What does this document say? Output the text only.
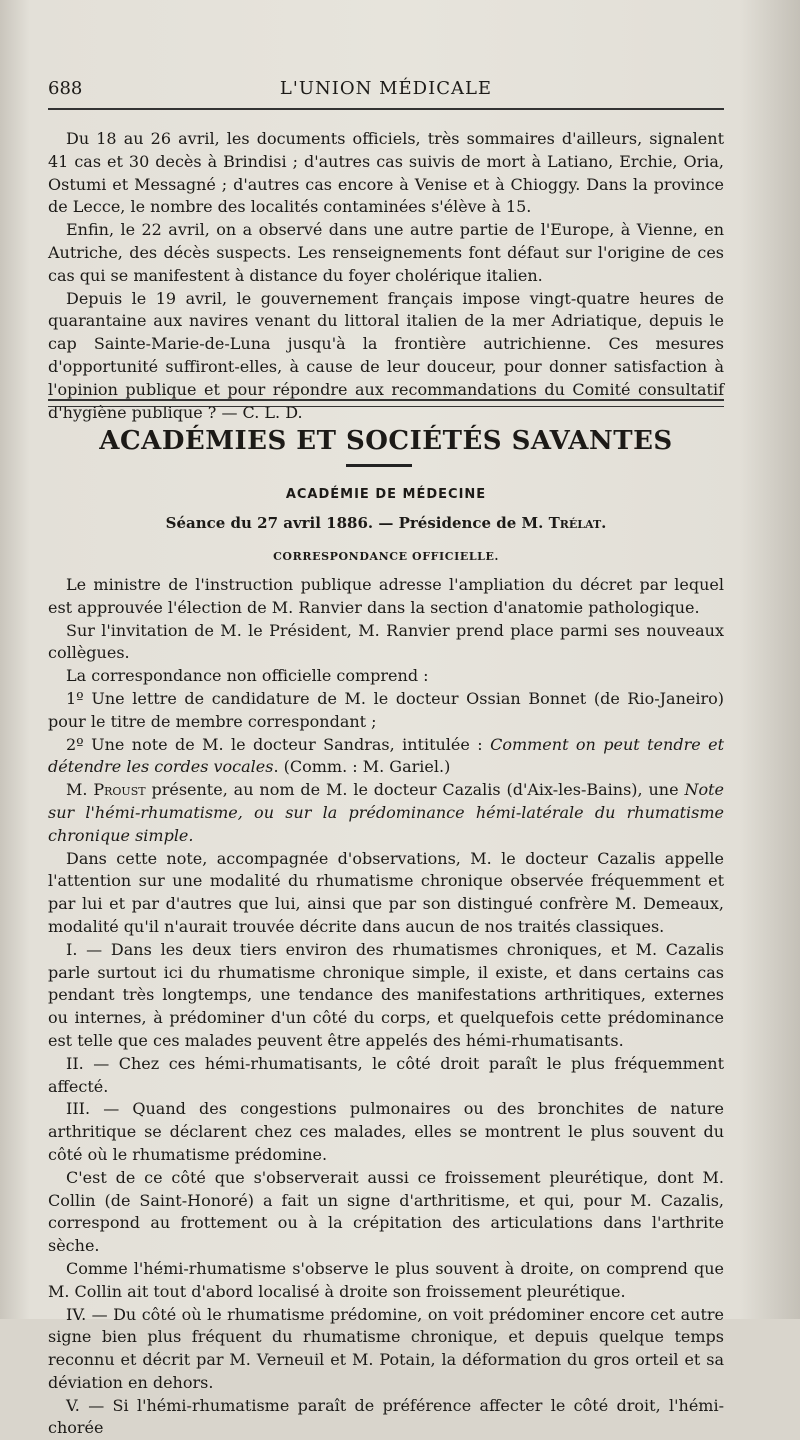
688	L'UNION MÉDICALE

Du 18 au 26 avril, les documents officiels, très sommaires d'ailleurs, signalent 41 cas et 30 decès à Brindisi ; d'autres cas suivis de mort à Latiano, Erchie, Oria, Ostumi et Messagné ; d'autres cas encore à Venise et à Chioggy. Dans la province de Lecce, le nombre des localités contaminées s'élève à 15.

Enfin, le 22 avril, on a observé dans une autre partie de l'Europe, à Vienne, en Autriche, des décès suspects. Les renseignements font défaut sur l'origine de ces cas qui se manifestent à distance du foyer cholérique italien.

Depuis le 19 avril, le gouvernement français impose vingt-quatre heures de quarantaine aux navires venant du littoral italien de la mer Adriatique, depuis le cap Sainte-Marie-de-Luna jusqu'à la frontière autrichienne. Ces mesures d'opportunité suffiront-elles, à cause de leur douceur, pour donner satisfaction à l'opinion publique et pour répondre aux recommandations du Comité consultatif d'hygiène publique ? — C. L. D.

ACADÉMIES ET SOCIÉTÉS SAVANTES
ACADÉMIE DE MÉDECINE
Séance du 27 avril 1886. — Présidence de M. Trélat.
CORRESPONDANCE OFFICIELLE.

Le ministre de l'instruction publique adresse l'ampliation du décret par lequel est approuvée l'élection de M. Ranvier dans la section d'anatomie pathologique.

Sur l'invitation de M. le Président, M. Ranvier prend place parmi ses nouveaux collègues.

La correspondance non officielle comprend :

1º Une lettre de candidature de M. le docteur Ossian Bonnet (de Rio-Janeiro) pour le titre de membre correspondant ;

2º Une note de M. le docteur Sandras, intitulée : Comment on peut tendre et détendre les cordes vocales. (Comm. : M. Gariel.)

M. Proust présente, au nom de M. le docteur Cazalis (d'Aix-les-Bains), une Note sur l'hémi-rhumatisme, ou sur la prédominance hémi-latérale du rhumatisme chronique simple.

Dans cette note, accompagnée d'observations, M. le docteur Cazalis appelle l'attention sur une modalité du rhumatisme chronique observée fréquemment et par lui et par d'autres que lui, ainsi que par son distingué confrère M. Demeaux, modalité qu'il n'aurait trouvée décrite dans aucun de nos traités classiques.

I. — Dans les deux tiers environ des rhumatismes chroniques, et M. Cazalis parle surtout ici du rhumatisme chronique simple, il existe, et dans certains cas pendant très longtemps, une tendance des manifestations arthritiques, externes ou internes, à prédominer d'un côté du corps, et quelquefois cette prédominance est telle que ces malades peuvent être appelés des hémi-rhumatisants.

II. — Chez ces hémi-rhumatisants, le côté droit paraît le plus fréquemment affecté.

III. — Quand des congestions pulmonaires ou des bronchites de nature arthritique se déclarent chez ces malades, elles se montrent le plus souvent du côté où le rhumatisme prédomine.

C'est de ce côté que s'observerait aussi ce froissement pleurétique, dont M. Collin (de Saint-Honoré) a fait un signe d'arthritisme, et qui, pour M. Cazalis, correspond au frottement ou à la crépitation des articulations dans l'arthrite sèche.

Comme l'hémi-rhumatisme s'observe le plus souvent à droite, on comprend que M. Collin ait tout d'abord localisé à droite son froissement pleurétique.

IV. — Du côté où le rhumatisme prédomine, on voit prédominer encore cet autre signe bien plus fréquent du rhumatisme chronique, et depuis quelque temps reconnu et décrit par M. Verneuil et M. Potain, la déformation du gros orteil et sa déviation en dehors.

V. — Si l'hémi-rhumatisme paraît de préférence affecter le côté droit, l'hémi-chorée
